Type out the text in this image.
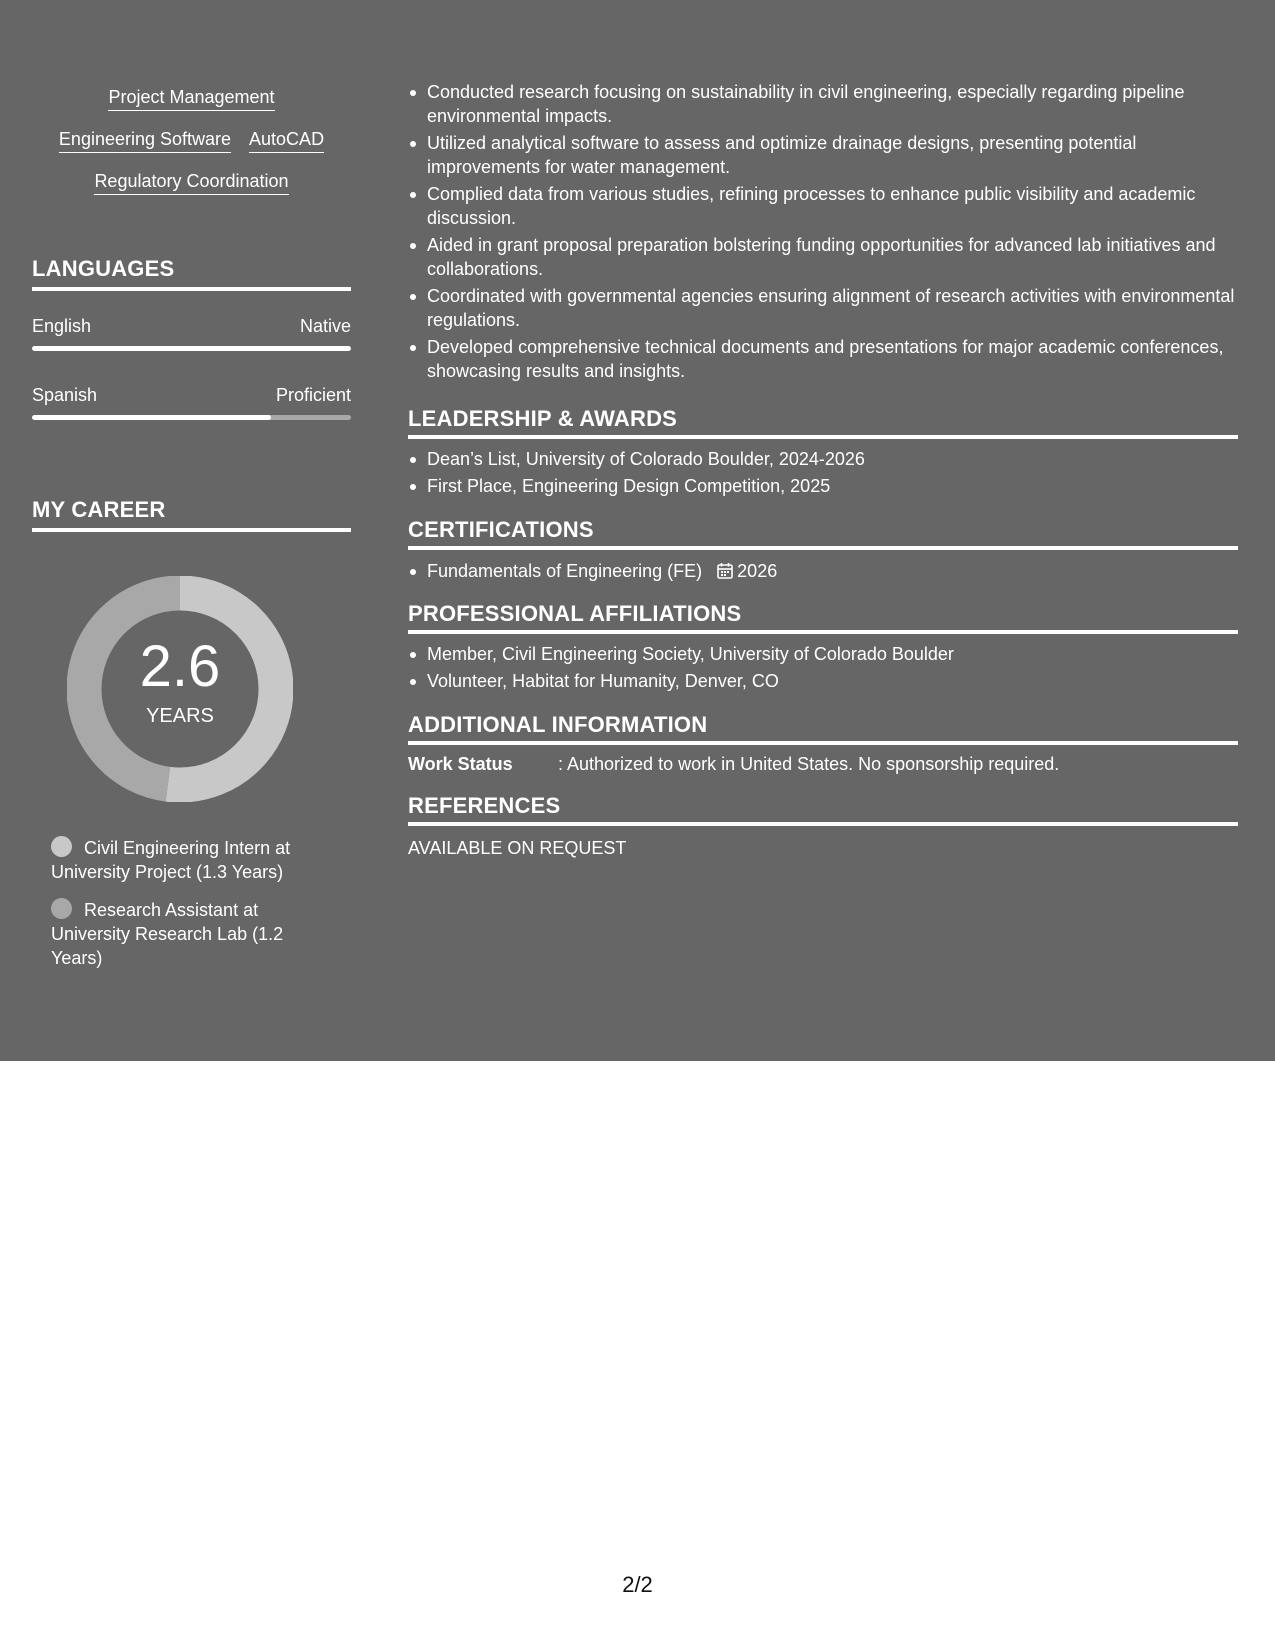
Project Management
Engineering Software AutoCAD
Regulatory Coordination
LANGUAGES
English	Native
Spanish	Proficient
MY CAREER
2.6
YEARS
Civil Engineering Intern at University Project (1.3 Years)
Research Assistant at University Research Lab (1.2 Years)
Conducted research focusing on sustainability in civil engineering, especially regarding pipeline environmental impacts.
Utilized analytical software to assess and optimize drainage designs, presenting potential improvements for water management.
Complied data from various studies, refining processes to enhance public visibility and academic discussion.
Aided in grant proposal preparation bolstering funding opportunities for advanced lab initiatives and collaborations.
Coordinated with governmental agencies ensuring alignment of research activities with environmental regulations.
Developed comprehensive technical documents and presentations for major academic conferences, showcasing results and insights.
LEADERSHIP & AWARDS
Dean’s List, University of Colorado Boulder, 2024-2026
First Place, Engineering Design Competition, 2025
CERTIFICATIONS
Fundamentals of Engineering (FE) 2026
PROFESSIONAL AFFILIATIONS
Member, Civil Engineering Society, University of Colorado Boulder
Volunteer, Habitat for Humanity, Denver, CO
ADDITIONAL INFORMATION
Work Status	: Authorized to work in United States. No sponsorship required.
REFERENCES
AVAILABLE ON REQUEST
2/2
